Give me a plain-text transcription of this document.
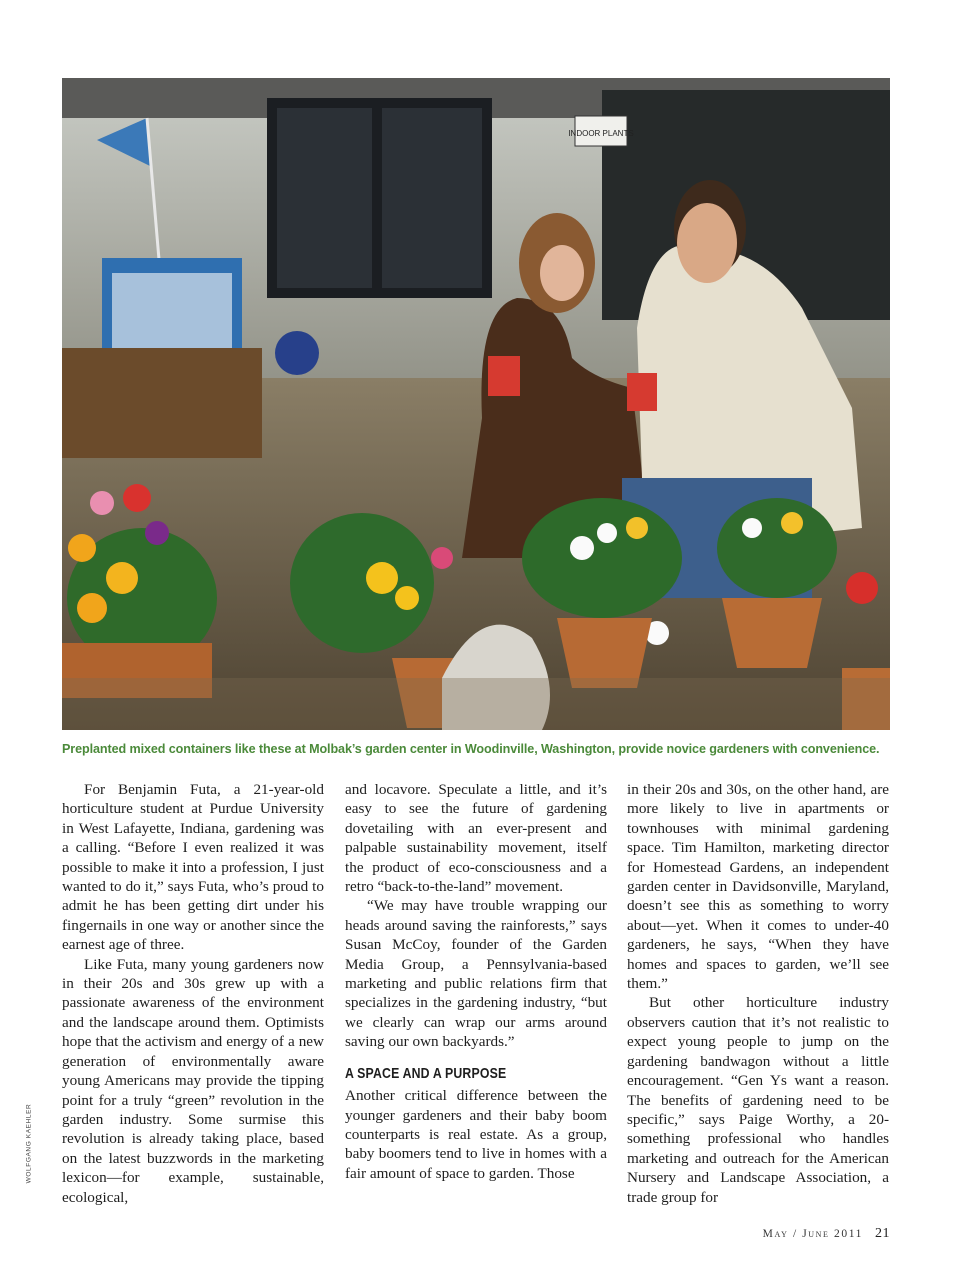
INDOOR PLANTS
WOLFGANG KAEHLER
Preplanted mixed containers like these at Molbak’s garden center in Woodinville, Washington, provide novice gardeners with convenience.

For Benjamin Futa, a 21-year-old horticulture student at Purdue University in West Lafayette, Indiana, gardening was a calling. “Before I even realized it was possible to make it into a profession, I just wanted to do it,” says Futa, who’s proud to admit he has been getting dirt under his fingernails in one way or another since the earnest age of three.

Like Futa, many young gardeners now in their 20s and 30s grew up with a passionate awareness of the environment and the landscape around them. Optimists hope that the activism and energy of a new generation of environmentally aware young Americans may provide the tipping point for a truly “green” revolution in the garden industry. Some surmise this revolution is already taking place, based on the latest buzzwords in the marketing lexicon—for example, sustainable, ecological,

and locavore. Speculate a little, and it’s easy to see the future of gardening dovetailing with an ever-present and palpable sustainability movement, itself the product of eco-consciousness and a retro “back-to-the-land” movement.

“We may have trouble wrapping our heads around saving the rainforests,” says Susan McCoy, founder of the Garden Media Group, a Pennsylvania-based marketing and public relations firm that specializes in the gardening industry, “but we clearly can wrap our arms around saving our own backyards.”

A SPACE AND A PURPOSE

Another critical difference between the younger gardeners and their baby boom counterparts is real estate. As a group, baby boomers tend to live in homes with a fair amount of space to garden. Those

in their 20s and 30s, on the other hand, are more likely to live in apartments or townhouses with minimal gardening space. Tim Hamilton, marketing director for Homestead Gardens, an independent garden center in Davidsonville, Maryland, doesn’t see this as something to worry about—yet. When it comes to under-40 gardeners, he says, “When they have homes and spaces to garden, we’ll see them.”

But other horticulture industry observers caution that it’s not realistic to expect young people to jump on the gardening bandwagon without a little encouragement. “Gen Ys want a reason. The benefits of gardening need to be specific,” says Paige Worthy, a 20-something professional who handles marketing and outreach for the American Nursery and Landscape Association, a trade group for

May / June 2011 21
